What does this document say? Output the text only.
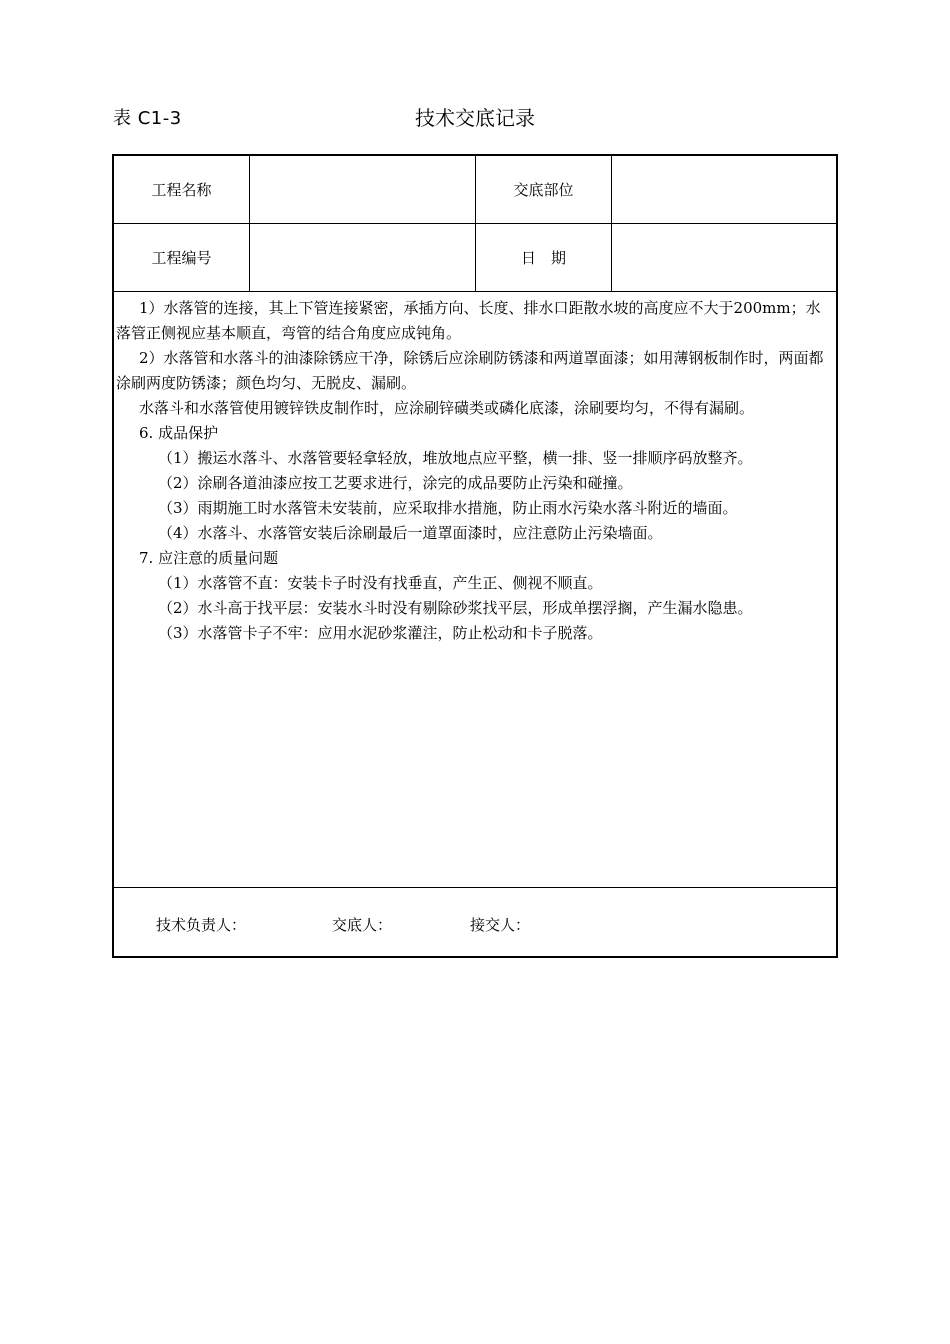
表 C1-3	技术交底记录
工程名称	交底部位
工程编号	日　期

1）水落管的连接，其上下管连接紧密，承插方向、长度、排水口距散水坡的高度应不大于200mm；水落管正侧视应基本顺直，弯管的结合角度应成钝角。

2）水落管和水落斗的油漆除锈应干净，除锈后应涂刷防锈漆和两道罩面漆；如用薄钢板制作时，两面都涂刷两度防锈漆；颜色均匀、无脱皮、漏刷。

水落斗和水落管使用镀锌铁皮制作时，应涂刷锌磺类或磷化底漆，涂刷要均匀，不得有漏刷。

6. 成品保护

（1）搬运水落斗、水落管要轻拿轻放，堆放地点应平整，横一排、竖一排顺序码放整齐。

（2）涂刷各道油漆应按工艺要求进行，涂完的成品要防止污染和碰撞。

（3）雨期施工时水落管未安装前，应采取排水措施，防止雨水污染水落斗附近的墙面。

（4）水落斗、水落管安装后涂刷最后一道罩面漆时，应注意防止污染墙面。

7. 应注意的质量问题

（1）水落管不直：安装卡子时没有找垂直，产生正、侧视不顺直。

（2）水斗高于找平层：安装水斗时没有剔除砂浆找平层，形成单摆浮搁，产生漏水隐患。

（3）水落管卡子不牢：应用水泥砂浆灌注，防止松动和卡子脱落。

技术负责人：	交底人：	接交人：
